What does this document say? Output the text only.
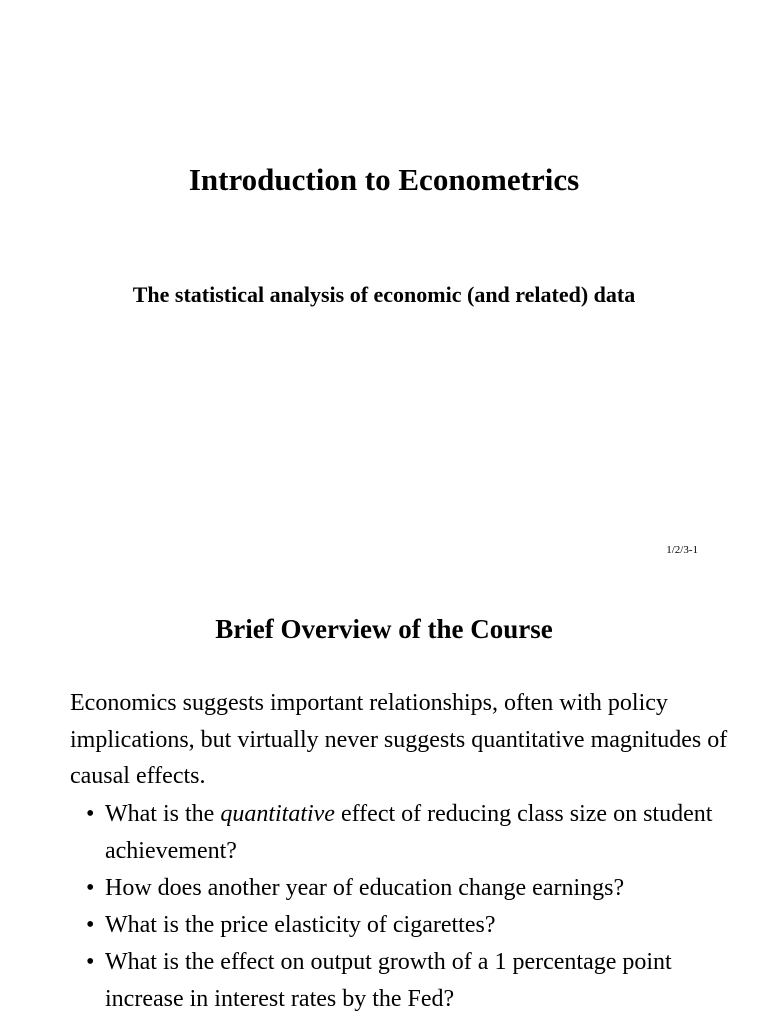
Introduction to Econometrics
The statistical analysis of economic (and related) data
1/2/3-1
Brief Overview of the Course

Economics suggests important relationships, often with policy implications, but virtually never suggests quantitative magnitudes of causal effects.

• What is the quantitative effect of reducing class size on student achievement?
• How does another year of education change earnings?
• What is the price elasticity of cigarettes?
• What is the effect on output growth of a 1 percentage point increase in interest rates by the Fed?
